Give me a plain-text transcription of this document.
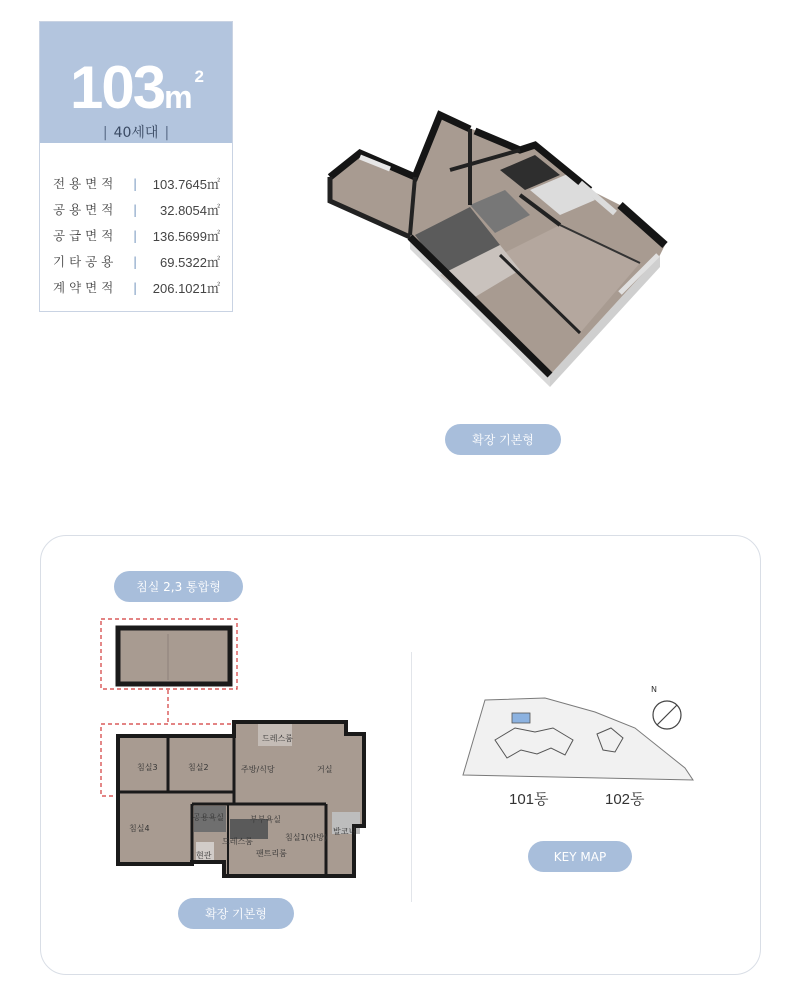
$103m^2$
| 40세대 |
전용면적	|	103.7645㎡
공용면적	|	32.8054㎡
공급면적	|	136.5699㎡
기타공용	|	69.5322㎡
계약면적	|	206.1021㎡
확장 기본형
침실 2,3 통합형
침실3	침실2
드레스룸
주방/식당	거실
침실4
공용욕실	부부욕실
드레스룸	침실1(안방)
팬트리룸
현관
발코니
확장 기본형
N
101동	102동
KEY MAP
